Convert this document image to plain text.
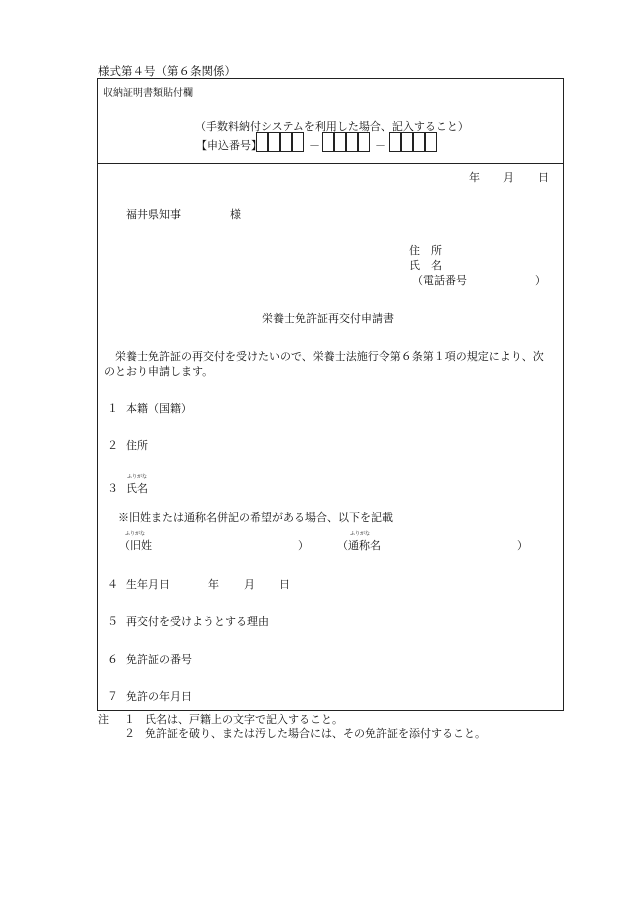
様式第４号（第６条関係）
収納証明書類貼付欄
（手数料納付システムを利用した場合、記入すること）
【申込番号】	－	－
年 月 日
福井県知事	様
住　所
氏　名
（電話番号	）
栄養士免許証再交付申請書
栄養士免許証の再交付を受けたいので、栄養士法施行令第６条第１項の規定により、次
のとおり申請します。
１ 本籍（国籍）
２ 住所
３
ふりがな
氏名
※旧姓または通称名併記の希望がある場合、以下を記載
（旧姓
ふりがな
）	（通称名
ふりがな
）
４ 生年月日	年 月 日
５ 再交付を受けようとする理由
６ 免許証の番号
７ 免許の年月日
注 １ 氏名は、戸籍上の文字で記入すること。
２ 免許証を破り、または汚した場合には、その免許証を添付すること。
